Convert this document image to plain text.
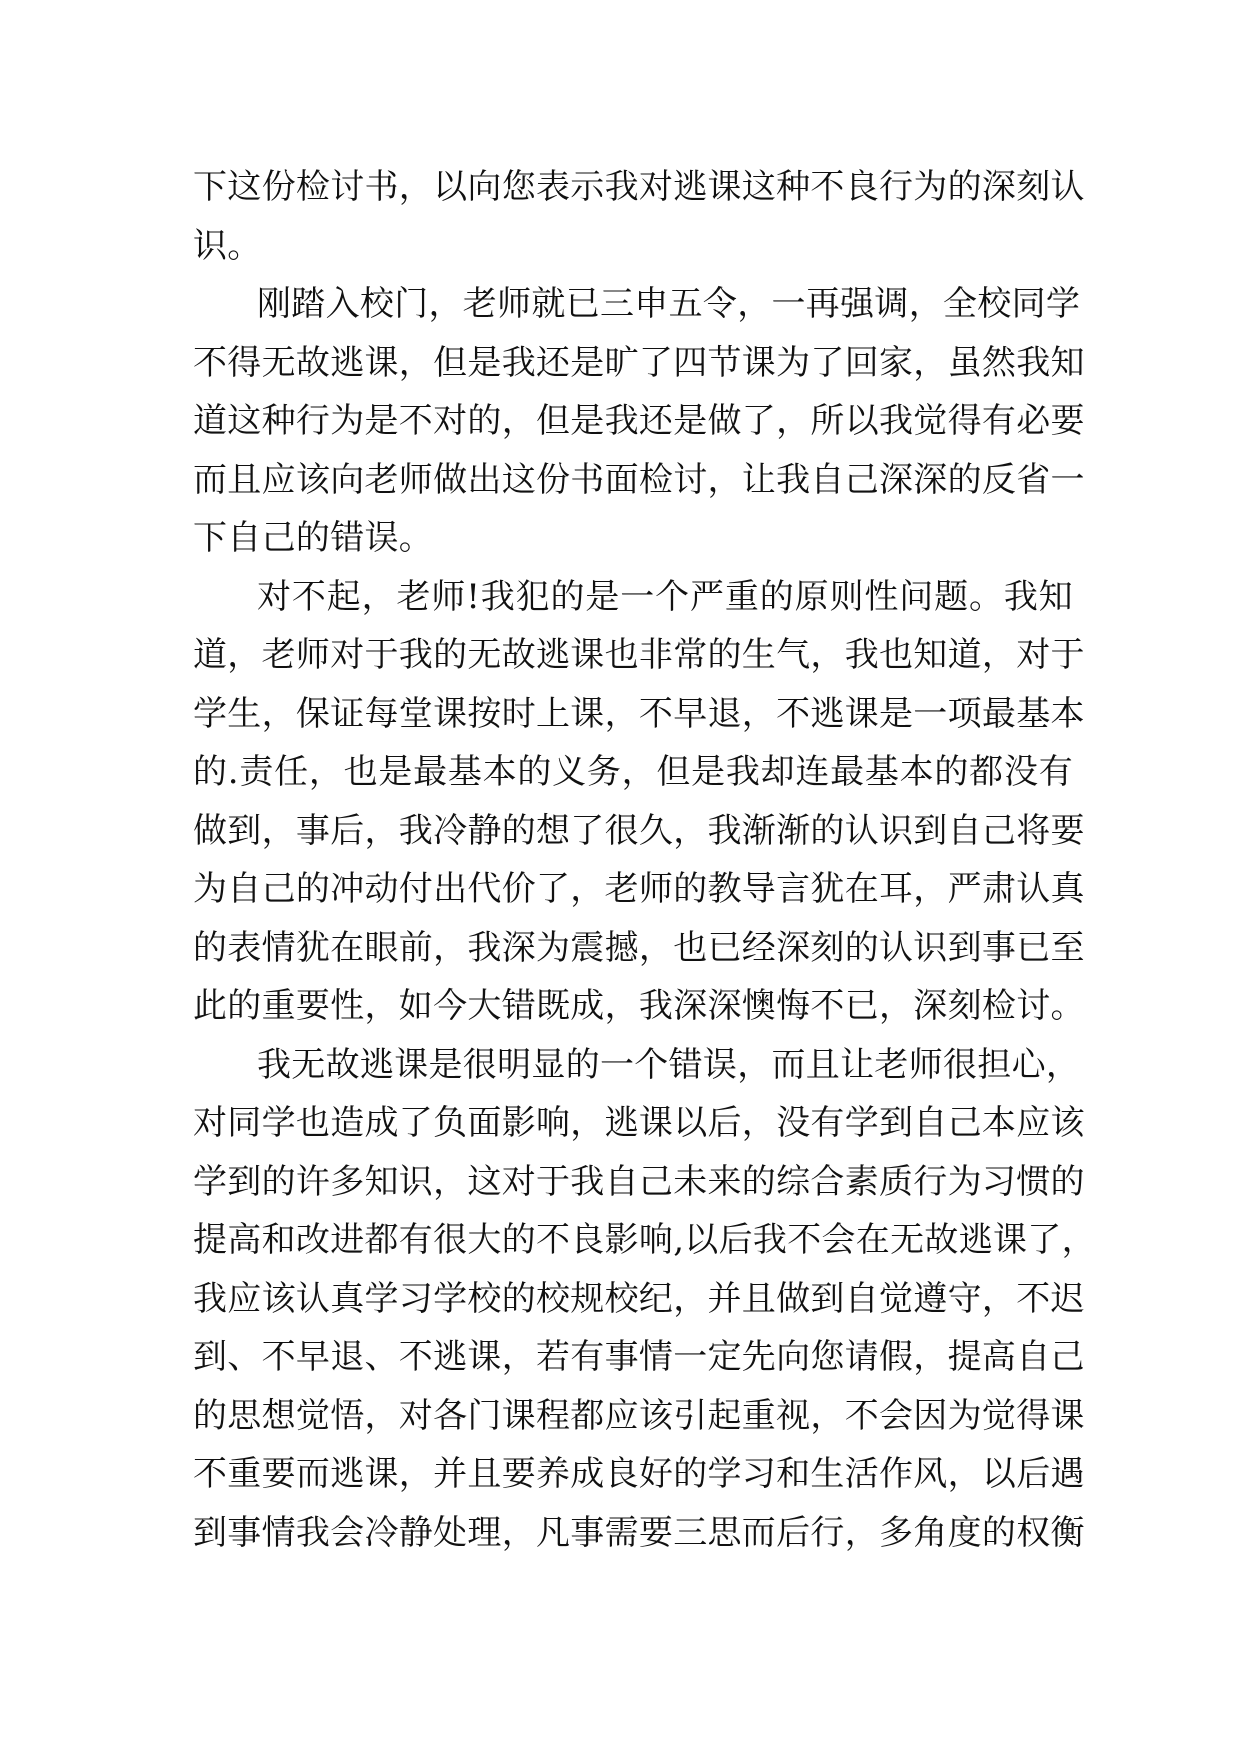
下这份检讨书，以向您表示我对逃课这种不良行为的深刻认
识。
刚踏入校门，老师就已三申五令，一再强调，全校同学
不得无故逃课，但是我还是旷了四节课为了回家，虽然我知
道这种行为是不对的，但是我还是做了，所以我觉得有必要
而且应该向老师做出这份书面检讨，让我自己深深的反省一
下自己的错误。
对不起，老师!我犯的是一个严重的原则性问题。我知
道，老师对于我的无故逃课也非常的生气，我也知道，对于
学生，保证每堂课按时上课，不早退，不逃课是一项最基本
的.责任，也是最基本的义务，但是我却连最基本的都没有
做到，事后，我冷静的想了很久，我渐渐的认识到自己将要
为自己的冲动付出代价了，老师的教导言犹在耳，严肃认真
的表情犹在眼前，我深为震撼，也已经深刻的认识到事已至
此的重要性，如今大错既成，我深深懊悔不已，深刻检讨。
我无故逃课是很明显的一个错误，而且让老师很担心，
对同学也造成了负面影响，逃课以后，没有学到自己本应该
学到的许多知识，这对于我自己未来的综合素质行为习惯的
提高和改进都有很大的不良影响,以后我不会在无故逃课了，
我应该认真学习学校的校规校纪，并且做到自觉遵守，不迟
到、不早退、不逃课，若有事情一定先向您请假，提高自己
的思想觉悟，对各门课程都应该引起重视，不会因为觉得课
不重要而逃课，并且要养成良好的学习和生活作风，以后遇
到事情我会冷静处理，凡事需要三思而后行，多角度的权衡
